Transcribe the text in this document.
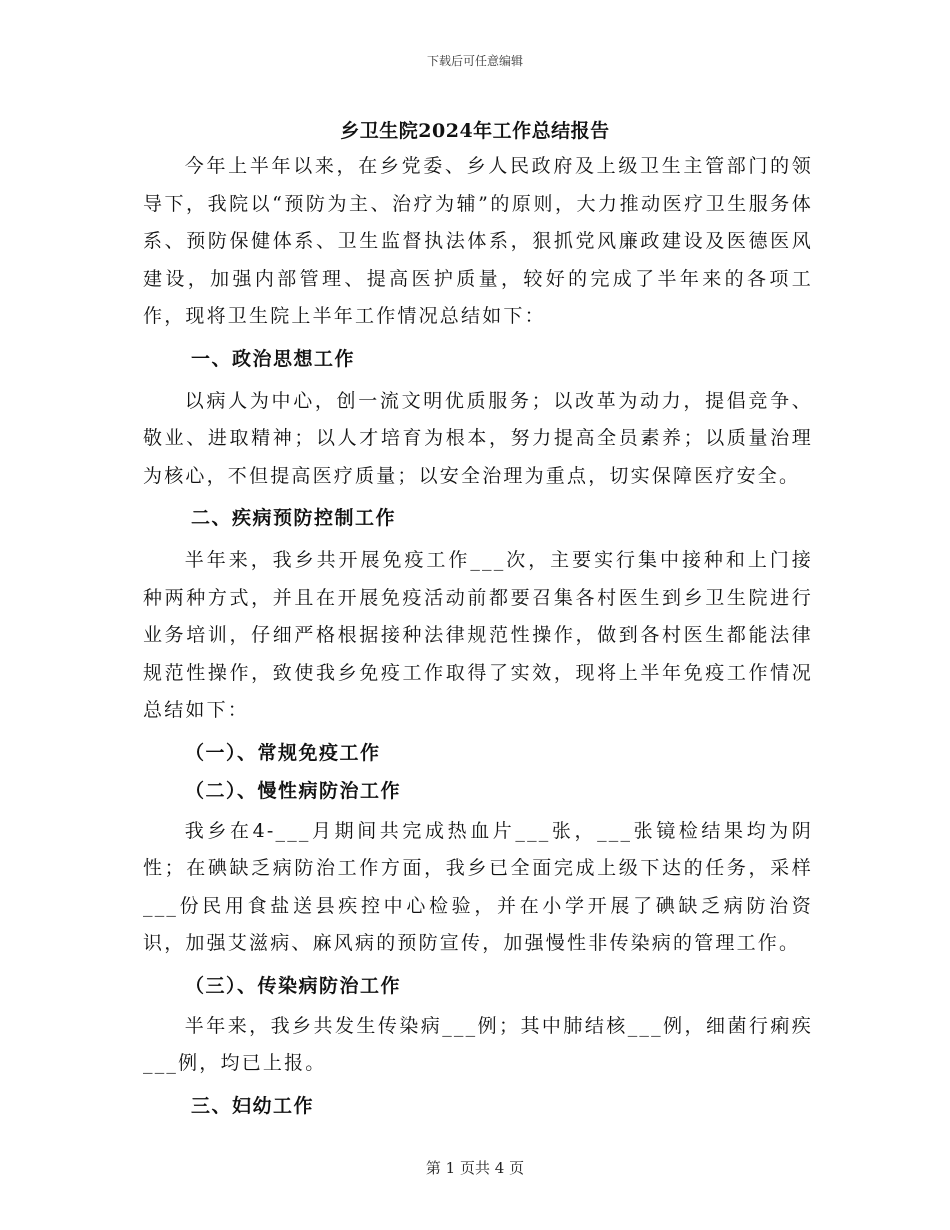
下载后可任意编辑
乡卫生院2024年工作总结报告

今年上半年以来，在乡党委、乡人民政府及上级卫生主管部门的领导下，我院以“预防为主、治疗为辅”的原则，大力推动医疗卫生服务体系、预防保健体系、卫生监督执法体系，狠抓党风廉政建设及医德医风建设，加强内部管理、提高医护质量，较好的完成了半年来的各项工作，现将卫生院上半年工作情况总结如下：

一、政治思想工作

以病人为中心，创一流文明优质服务；以改革为动力，提倡竞争、敬业、进取精神；以人才培育为根本，努力提高全员素养；以质量治理为核心，不但提高医疗质量；以安全治理为重点，切实保障医疗安全。

二、疾病预防控制工作

半年来，我乡共开展免疫工作___次，主要实行集中接种和上门接种两种方式，并且在开展免疫活动前都要召集各村医生到乡卫生院进行业务培训，仔细严格根据接种法律规范性操作，做到各村医生都能法律规范性操作，致使我乡免疫工作取得了实效，现将上半年免疫工作情况总结如下：

（一）、常规免疫工作
（二）、慢性病防治工作

我乡在4-___月期间共完成热血片___张，___张镜检结果均为阴性；在碘缺乏病防治工作方面，我乡已全面完成上级下达的任务，采样___份民用食盐送县疾控中心检验，并在小学开展了碘缺乏病防治资识，加强艾滋病、麻风病的预防宣传，加强慢性非传染病的管理工作。

（三）、传染病防治工作

半年来，我乡共发生传染病___例；其中肺结核___例，细菌行痢疾___例，均已上报。

三、妇幼工作
第 1 页共 4 页
